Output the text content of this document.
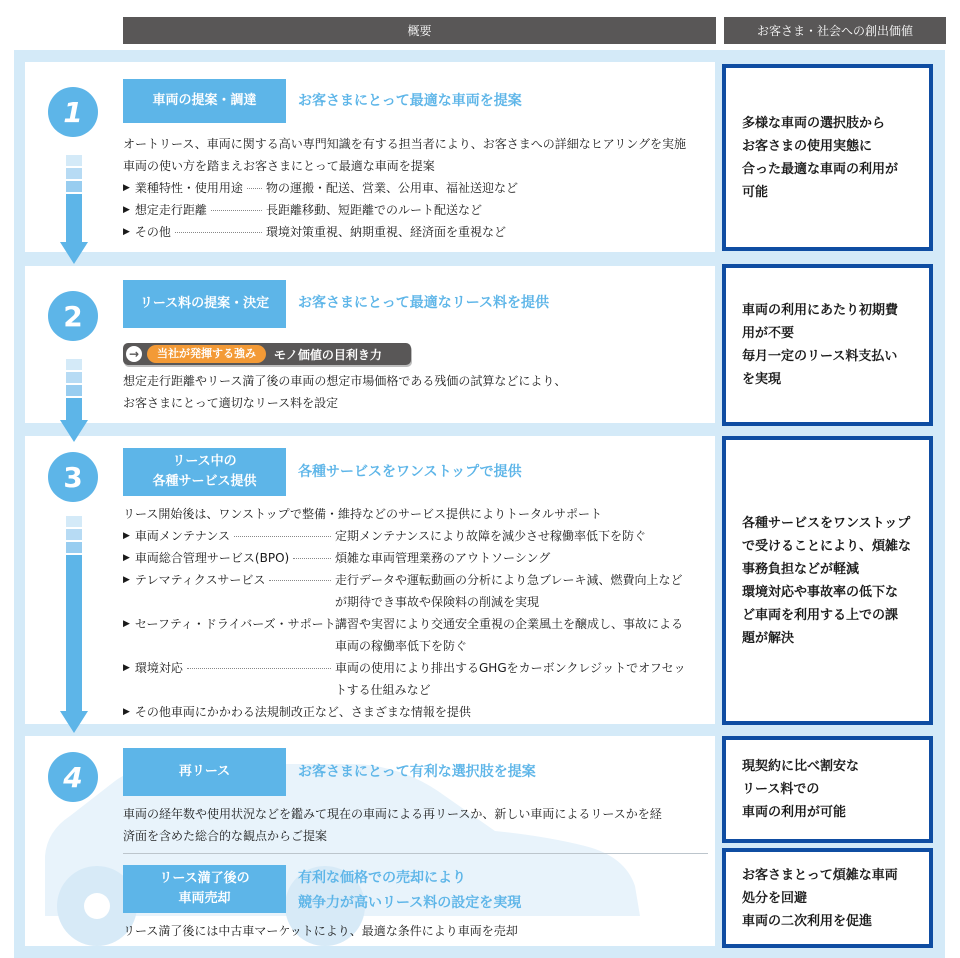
概要	お客さま・社会への創出価値
車両の提案・調達	お客さまにとって最適な車両を提案
オートリース、車両に関する高い専門知識を有する担当者により、お客さまへの詳細なヒアリングを実施
車両の使い方を踏まえお客さまにとって最適な車両を提案
▶ 業種特性・使用用途 物の運搬・配送、営業、公用車、福祉送迎など
▶ 想定走行距離	長距離移動、短距離でのルート配送など
▶ その他	環境対策重視、納期重視、経済面を重視など
1	多様な車両の選択肢から
お客さまの使用実態に
合った最適な車両の利用が
可能
リース料の提案・決定	お客さまにとって最適なリース料を提供
→	当社が発揮する強み	モノ価値の目利き力
想定走行距離やリース満了後の車両の想定市場価格である残価の試算などにより、
お客さまにとって適切なリース料を設定
2	車両の利用にあたり初期費
用が不要
毎月一定のリース料支払い
を実現
リース中の
各種サービス提供
各種サービスをワンストップで提供
リース開始後は、ワンストップで整備・維持などのサービス提供によりトータルサポート
▶ 車両メンテナンス	定期メンテナンスにより故障を減少させ稼働率低下を防ぐ
▶ 車両総合管理サービス(BPO)	煩雑な車両管理業務のアウトソーシング
▶ テレマティクスサービス	走行データや運転動画の分析により急ブレーキ減、燃費向上など
が期待でき事故や保険料の削減を実現
▶ セーフティ・ドライバーズ・サポート 講習や実習により交通安全重視の企業風土を醸成し、事故による
車両の稼働率低下を防ぐ
▶ 環境対応	車両の使用により排出するGHGをカーボンクレジットでオフセッ
トする仕組みなど
▶ その他車両にかかわる法規制改正など、さまざまな情報を提供
3
各種サービスをワンストップ
で受けることにより、煩雑な
事務負担などが軽減
環境対応や事故率の低下な
ど車両を利用する上での課
題が解決
再リース	お客さまにとって有利な選択肢を提案
車両の経年数や使用状況などを鑑みて現在の車両による再リースか、新しい車両によるリースかを経
済面を含めた総合的な観点からご提案
リース満了後の
車両売却
有利な価格での売却により
競争力が高いリース料の設定を実現
リース満了後には中古車マーケットにより、最適な条件により車両を売却
4	現契約に比べ割安な
リース料での
車両の利用が可能
お客さまとって煩雑な車両
処分を回避
車両の二次利用を促進
